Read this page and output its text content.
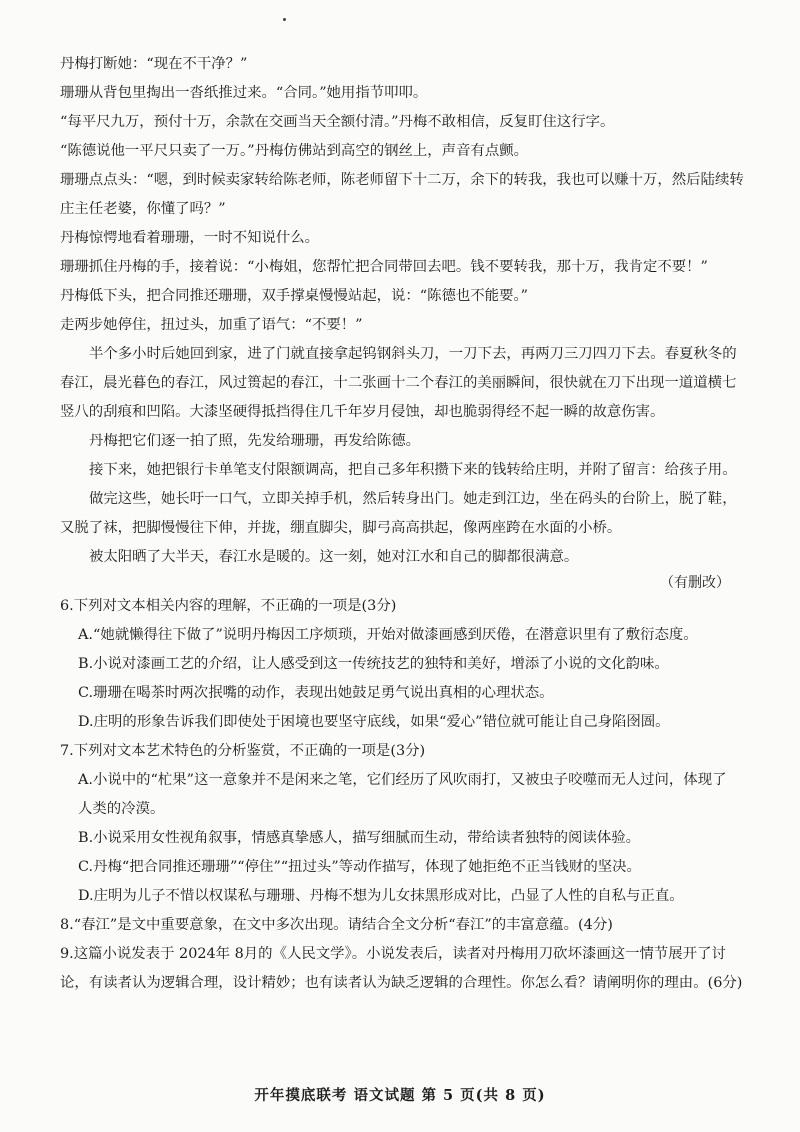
丹梅打断她：“现在不干净？”
珊珊从背包里掏出一沓纸推过来。“合同。”她用指节叩叩。
“每平尺九万，预付十万，余款在交画当天全额付清。”丹梅不敢相信，反复盯住这行字。
“陈德说他一平尺只卖了一万。”丹梅仿佛站到高空的钢丝上，声音有点颤。
珊珊点点头：“嗯，到时候卖家转给陈老师，陈老师留下十二万，余下的转我，我也可以赚十万，然后陆续转庄主任老婆，你懂了吗？”
丹梅惊愕地看着珊珊，一时不知说什么。
珊珊抓住丹梅的手，接着说：“小梅姐，您帮忙把合同带回去吧。钱不要转我，那十万，我肯定不要！”
丹梅低下头，把合同推还珊珊，双手撑桌慢慢站起，说：“陈德也不能要。”
走两步她停住，扭过头，加重了语气：“不要！”
半个多小时后她回到家，进了门就直接拿起钨钢斜头刀，一刀下去，再两刀三刀四刀下去。春夏秋冬的春江，晨光暮色的春江，风过篑起的春江，十二张画十二个春江的美丽瞬间，很快就在刀下出现一道道横七竖八的刮痕和凹陷。大漆坚硬得抵挡得住几千年岁月侵蚀，却也脆弱得经不起一瞬的故意伤害。
丹梅把它们逐一拍了照，先发给珊珊，再发给陈德。
接下来，她把银行卡单笔支付限额调高，把自己多年积攒下来的钱转给庄明，并附了留言：给孩子用。
做完这些，她长吁一口气，立即关掉手机，然后转身出门。她走到江边，坐在码头的台阶上，脱了鞋，又脱了袜，把脚慢慢往下伸，并拢，绷直脚尖，脚弓高高拱起，像两座跨在水面的小桥。
被太阳晒了大半天，春江水是暖的。这一刻，她对江水和自己的脚都很满意。
（有删改）
6.下列对文本相关内容的理解，不正确的一项是(3分)
A.“她就懒得往下做了”说明丹梅因工序烦琐，开始对做漆画感到厌倦，在潜意识里有了敷衍态度。
B.小说对漆画工艺的介绍，让人感受到这一传统技艺的独特和美好，增添了小说的文化韵味。
C.珊珊在喝茶时两次抿嘴的动作，表现出她鼓足勇气说出真相的心理状态。
D.庄明的形象告诉我们即使处于困境也要坚守底线，如果“爱心”错位就可能让自己身陷囹圄。
7.下列对文本艺术特色的分析鉴赏，不正确的一项是(3分)
A.小说中的“杧果”这一意象并不是闲来之笔，它们经历了风吹雨打，又被虫子咬噬而无人过问，体现了人类的冷漠。
B.小说采用女性视角叙事，情感真挚感人，描写细腻而生动，带给读者独特的阅读体验。
C.丹梅“把合同推还珊珊”“停住”“扭过头”等动作描写，体现了她拒绝不正当钱财的坚决。
D.庄明为儿子不惜以权谋私与珊珊、丹梅不想为儿女抹黑形成对比，凸显了人性的自私与正直。
8.“春江”是文中重要意象，在文中多次出现。请结合全文分析“春江”的丰富意蕴。(4分)
9.这篇小说发表于 2024年 8月的《人民文学》。小说发表后，读者对丹梅用刀砍坏漆画这一情节展开了讨论，有读者认为逻辑合理，设计精妙；也有读者认为缺乏逻辑的合理性。你怎么看？请阐明你的理由。(6分)
开年摸底联考 语文试题 第 5 页(共 8 页)
